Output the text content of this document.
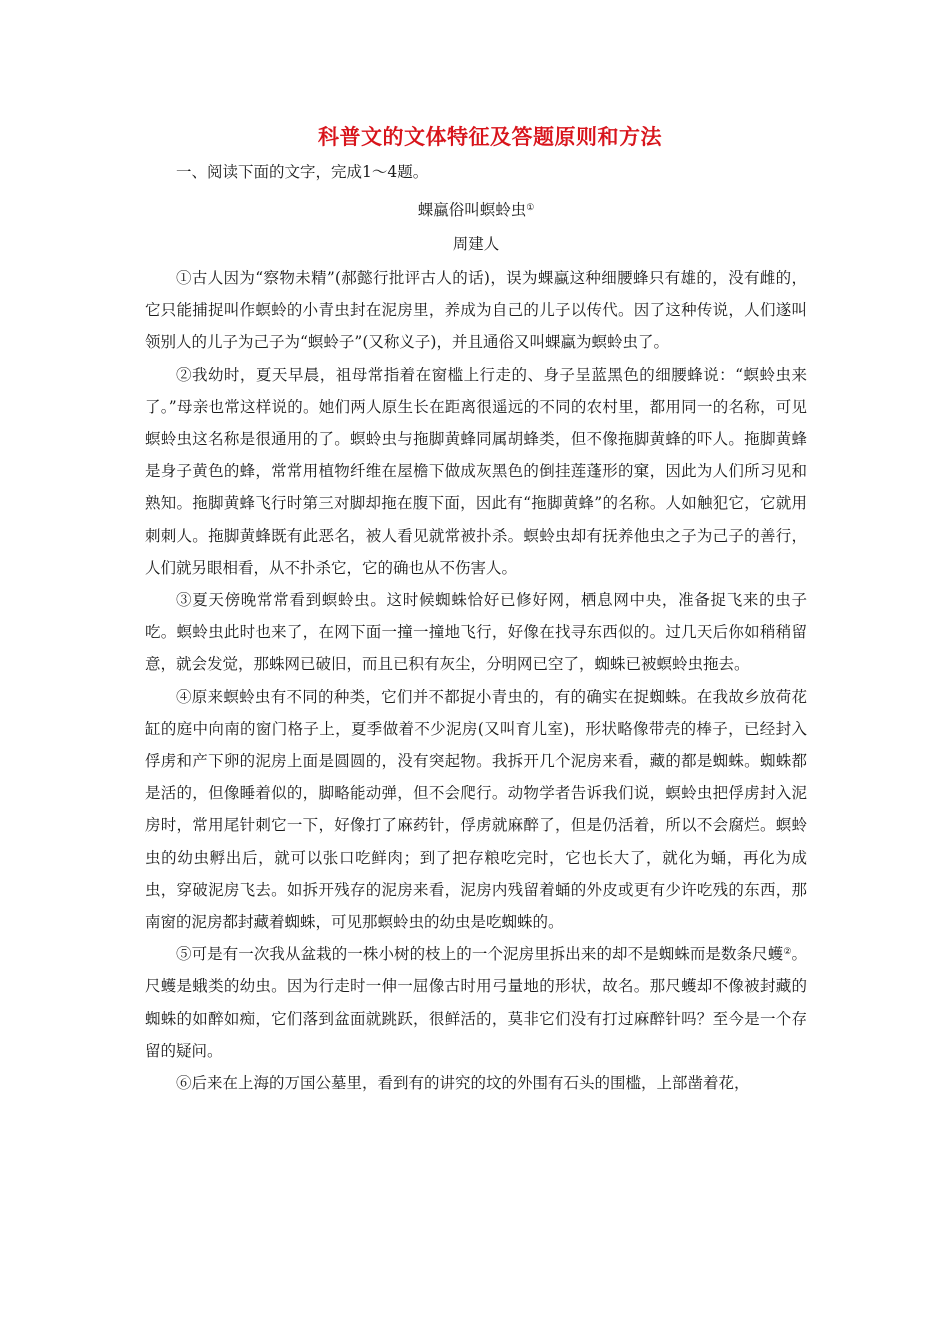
科普文的文体特征及答题原则和方法

一、阅读下面的文字，完成1～4题。

蜾蠃俗叫螟蛉虫①
周建人

①古人因为“察物未精”(郝懿行批评古人的话)，误为蜾蠃这种细腰蜂只有雄的，没有雌的，它只能捕捉叫作螟蛉的小青虫封在泥房里，养成为自己的儿子以传代。因了这种传说，人们遂叫领别人的儿子为己子为“螟蛉子”(又称义子)，并且通俗又叫蜾蠃为螟蛉虫了。

②我幼时，夏天早晨，祖母常指着在窗槛上行走的、身子呈蓝黑色的细腰蜂说：“螟蛉虫来了。”母亲也常这样说的。她们两人原生长在距离很遥远的不同的农村里，都用同一的名称，可见螟蛉虫这名称是很通用的了。螟蛉虫与拖脚黄蜂同属胡蜂类，但不像拖脚黄蜂的吓人。拖脚黄蜂是身子黄色的蜂，常常用植物纤维在屋檐下做成灰黑色的倒挂莲蓬形的窠，因此为人们所习见和熟知。拖脚黄蜂飞行时第三对脚却拖在腹下面，因此有“拖脚黄蜂”的名称。人如触犯它，它就用刺刺人。拖脚黄蜂既有此恶名，被人看见就常被扑杀。螟蛉虫却有抚养他虫之子为己子的善行，人们就另眼相看，从不扑杀它，它的确也从不伤害人。

③夏天傍晚常常看到螟蛉虫。这时候蜘蛛恰好已修好网，栖息网中央，准备捉飞来的虫子吃。螟蛉虫此时也来了，在网下面一撞一撞地飞行，好像在找寻东西似的。过几天后你如稍稍留意，就会发觉，那蛛网已破旧，而且已积有灰尘，分明网已空了，蜘蛛已被螟蛉虫拖去。

④原来螟蛉虫有不同的种类，它们并不都捉小青虫的，有的确实在捉蜘蛛。在我故乡放荷花缸的庭中向南的窗门格子上，夏季做着不少泥房(又叫育儿室)，形状略像带壳的棒子，已经封入俘虏和产下卵的泥房上面是圆圆的，没有突起物。我拆开几个泥房来看，藏的都是蜘蛛。蜘蛛都是活的，但像睡着似的，脚略能动弹，但不会爬行。动物学者告诉我们说，螟蛉虫把俘虏封入泥房时，常用尾针刺它一下，好像打了麻药针，俘虏就麻醉了，但是仍活着，所以不会腐烂。螟蛉虫的幼虫孵出后，就可以张口吃鲜肉；到了把存粮吃完时，它也长大了，就化为蛹，再化为成虫，穿破泥房飞去。如拆开残存的泥房来看，泥房内残留着蛹的外皮或更有少许吃残的东西，那南窗的泥房都封藏着蜘蛛，可见那螟蛉虫的幼虫是吃蜘蛛的。

⑤可是有一次我从盆栽的一株小树的枝上的一个泥房里拆出来的却不是蜘蛛而是数条尺蠖②。尺蠖是蛾类的幼虫。因为行走时一伸一屈像古时用弓量地的形状，故名。那尺蠖却不像被封藏的蜘蛛的如醉如痴，它们落到盆面就跳跃，很鲜活的，莫非它们没有打过麻醉针吗？至今是一个存留的疑问。

⑥后来在上海的万国公墓里，看到有的讲究的坟的外围有石头的围槛，上部凿着花，
